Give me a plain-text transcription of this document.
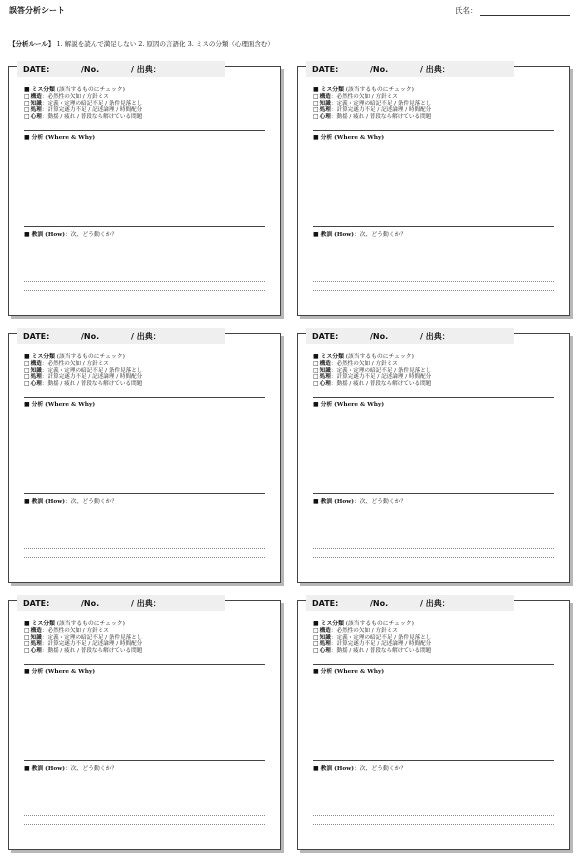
誤答分析シート	氏名：
【分析ルール】 1. 解説を読んで満足しない 2. 原因の言語化 3. ミスの分類（心理面含む）
DATE:	/No.	/ 出典：
■ ミス分類 (該当するものにチェック)
□構造：必然性の欠如 / 方針ミス
□知識：定義・定理の暗記不足 / 条件見落とし
□処理：計算完遂力不足 / 記述論理 / 時間配分
□心理：動揺 / 疲れ / 普段なら解けている問題
■ 分析 (Where & Why)
■ 教訓 (How)：次、どう動くか？
DATE:	/No.	/ 出典：
■ ミス分類 (該当するものにチェック)
□構造：必然性の欠如 / 方針ミス
□知識：定義・定理の暗記不足 / 条件見落とし
□処理：計算完遂力不足 / 記述論理 / 時間配分
□心理：動揺 / 疲れ / 普段なら解けている問題
■ 分析 (Where & Why)
■ 教訓 (How)：次、どう動くか？
DATE:	/No.	/ 出典：
■ ミス分類 (該当するものにチェック)
□構造：必然性の欠如 / 方針ミス
□知識：定義・定理の暗記不足 / 条件見落とし
□処理：計算完遂力不足 / 記述論理 / 時間配分
□心理：動揺 / 疲れ / 普段なら解けている問題
■ 分析 (Where & Why)
■ 教訓 (How)：次、どう動くか？
DATE:	/No.	/ 出典：
■ ミス分類 (該当するものにチェック)
□構造：必然性の欠如 / 方針ミス
□知識：定義・定理の暗記不足 / 条件見落とし
□処理：計算完遂力不足 / 記述論理 / 時間配分
□心理：動揺 / 疲れ / 普段なら解けている問題
■ 分析 (Where & Why)
■ 教訓 (How)：次、どう動くか？
DATE:	/No.	/ 出典：
■ ミス分類 (該当するものにチェック)
□構造：必然性の欠如 / 方針ミス
□知識：定義・定理の暗記不足 / 条件見落とし
□処理：計算完遂力不足 / 記述論理 / 時間配分
□心理：動揺 / 疲れ / 普段なら解けている問題
■ 分析 (Where & Why)
■ 教訓 (How)：次、どう動くか？
DATE:	/No.	/ 出典：
■ ミス分類 (該当するものにチェック)
□構造：必然性の欠如 / 方針ミス
□知識：定義・定理の暗記不足 / 条件見落とし
□処理：計算完遂力不足 / 記述論理 / 時間配分
□心理：動揺 / 疲れ / 普段なら解けている問題
■ 分析 (Where & Why)
■ 教訓 (How)：次、どう動くか？
